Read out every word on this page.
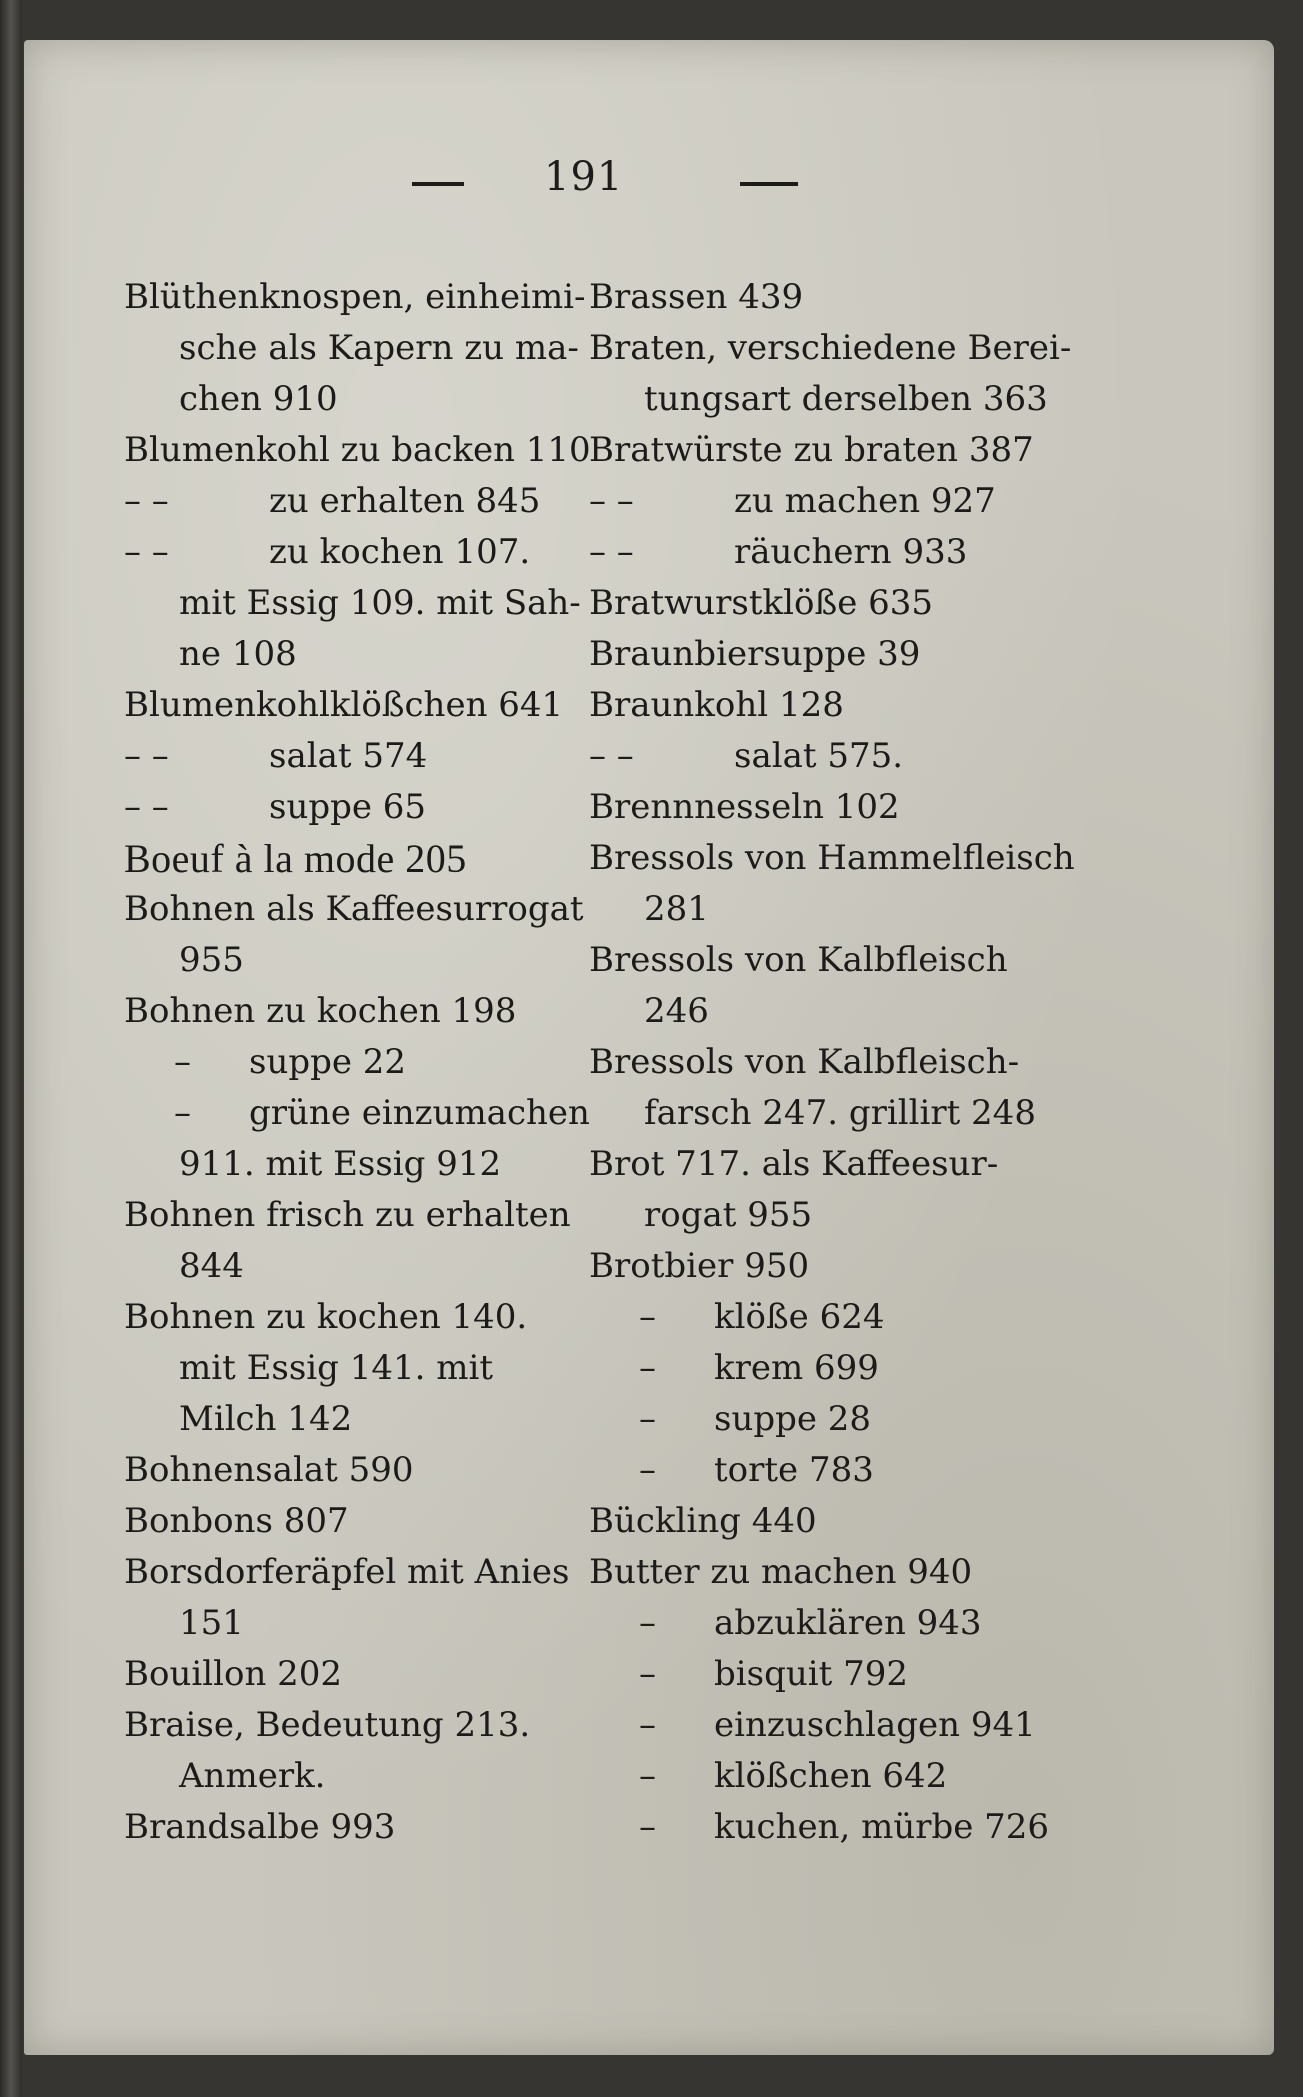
191
Blüthenknospen, einheimi-
sche als Kapern zu ma-
chen 910
Blumenkohl zu backen 110
– –	zu erhalten 845
– –	zu kochen 107.
mit Essig 109. mit Sah-
ne 108
Blumenkohlklößchen 641
– –	salat 574
– –	suppe 65
Boeuf à la mode 205
Bohnen als Kaffeesurrogat
955
Bohnen zu kochen 198
– suppe 22
– grüne einzumachen
911. mit Essig 912
Bohnen frisch zu erhalten
844
Bohnen zu kochen 140.
mit Essig 141. mit
Milch 142
Bohnensalat 590
Bonbons 807
Borsdorferäpfel mit Anies
151
Bouillon 202
Braise, Bedeutung 213.
Anmerk.
Brandsalbe 993
Brassen 439
Braten, verschiedene Berei-
tungsart derselben 363
Bratwürste zu braten 387
– –	zu machen 927
– –	räuchern 933
Bratwurstklöße 635
Braunbiersuppe 39
Braunkohl 128
– –	salat 575.
Brennnesseln 102
Bressols von Hammelfleisch
281
Bressols von Kalbfleisch
246
Bressols von Kalbfleisch-
farsch 247. grillirt 248
Brot 717. als Kaffeesur-
rogat 955
Brotbier 950
– klöße 624
– krem 699
– suppe 28
– torte 783
Bückling 440
Butter zu machen 940
– abzuklären 943
– bisquit 792
– einzuschlagen 941
– klößchen 642
– kuchen, mürbe 726
